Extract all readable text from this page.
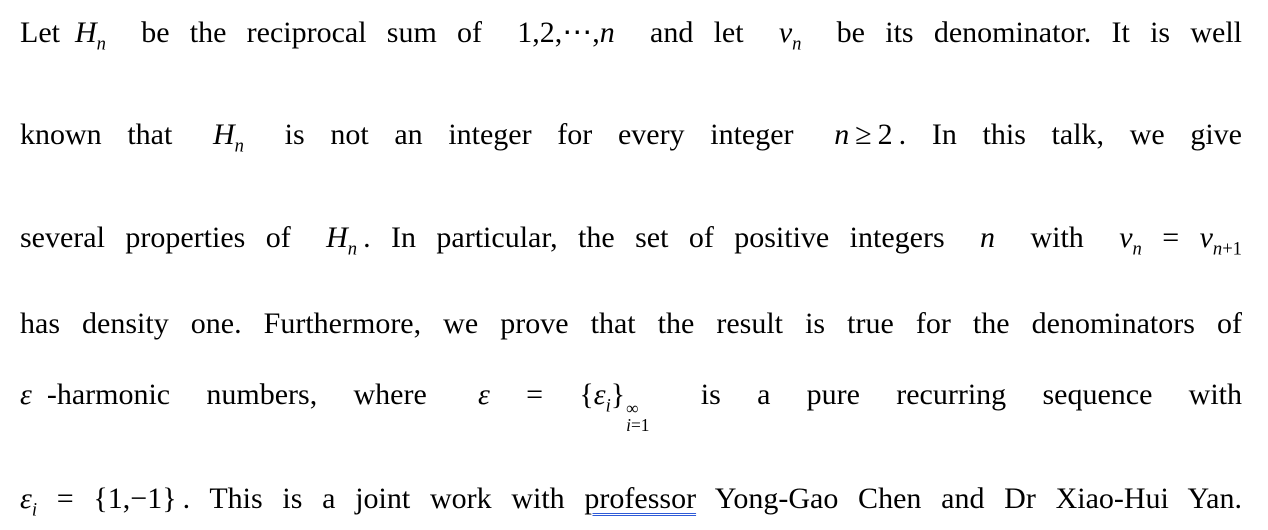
Let $H_n$  be the reciprocal sum of  1,2,⋯,n  and let  $v_n$  be its denominator. It is well
known that  $H_n$  is not an integer for every integer  n ≥ 2 . In this talk, we give
several properties of  $H_n$ . In particular, the set of positive integers  n  with  $v_n = v_{n+1}$
has density one. Furthermore, we prove that the result is true for the denominators of
ε -harmonic numbers, where  $\varepsilon = \{\varepsilon_i\}$ ∞
i=1
  is a pure recurring sequence with
$\varepsilon_i = \{1,-1\}$ . This is a joint work with professor Yong-Gao Chen and Dr Xiao-Hui Yan.
